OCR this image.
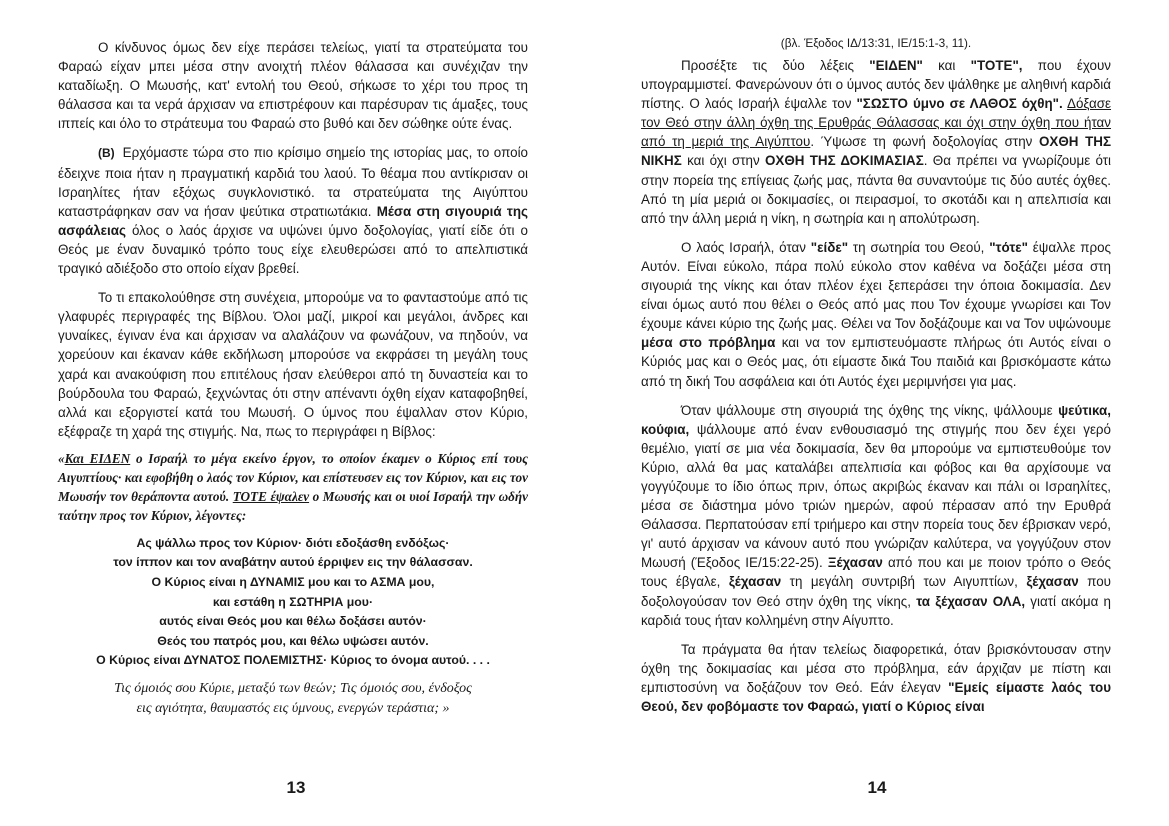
Ο κίνδυνος όμως δεν είχε περάσει τελείως, γιατί τα στρατεύματα του Φαραώ είχαν μπει μέσα στην ανοιχτή πλέον θάλασσα και συνέχιζαν την καταδίωξη. Ο Μωυσής, κατ' εντολή του Θεού, σήκωσε το χέρι του προς τη θάλασσα και τα νερά άρχισαν να επιστρέφουν και παρέσυραν τις άμαξες, τους ιππείς και όλο το στράτευμα του Φαραώ στο βυθό και δεν σώθηκε ούτε ένας.

(Β) Ερχόμαστε τώρα στο πιο κρίσιμο σημείο της ιστορίας μας, το οποίο έδειχνε ποια ήταν η πραγματική καρδιά του λαού. Το θέαμα που αντίκρισαν οι Ισραηλίτες ήταν εξόχως συγκλονιστικό. τα στρατεύματα της Αιγύπτου καταστράφηκαν σαν να ήσαν ψεύτικα στρατιωτάκια. Μέσα στη σιγουριά της ασφάλειας όλος ο λαός άρχισε να υψώνει ύμνο δοξολογίας, γιατί είδε ότι ο Θεός με έναν δυναμικό τρόπο τους είχε ελευθερώσει από το απελπιστικά τραγικό αδιέξοδο στο οποίο είχαν βρεθεί.

Το τι επακολούθησε στη συνέχεια, μπορούμε να το φανταστούμε από τις γλαφυρές περιγραφές της Βίβλου. Όλοι μαζί, μικροί και μεγάλοι, άνδρες και γυναίκες, έγιναν ένα και άρχισαν να αλαλάζουν να φωνάζουν, να πηδούν, να χορεύουν και έκαναν κάθε εκδήλωση μπορούσε να εκφράσει τη μεγάλη τους χαρά και ανακούφιση που επιτέλους ήσαν ελεύθεροι από τη δυναστεία και το βούρδουλα του Φαραώ, ξεχνώντας ότι στην απέναντι όχθη είχαν καταφοβηθεί, αλλά και εξοργιστεί κατά του Μωυσή. Ο ύμνος που έψαλλαν στον Κύριο, εξέφραζε τη χαρά της στιγμής. Να, πως το περιγράφει η Βίβλος:

«Και ΕΙΔΕΝ ο Ισραήλ το μέγα εκείνο έργον, το οποίον έκαμεν ο Κύριος επί τους Αιγυπτίους· και εφοβήθη ο λαός τον Κύριον, και επίστευσεν εις τον Κύριον, και εις τον Μωυσήν τον θεράποντα αυτού. ΤΟΤΕ έψαλεν ο Μωυσής και οι υιοί Ισραήλ την ωδήν ταύτην προς τον Κύριον, λέγοντες:
Ας ψάλλω προς τον Κύριον· διότι εδοξάσθη ενδόξως·
τον ίππον και τον αναβάτην αυτού έρριψεν εις την θάλασσαν.
Ο Κύριος είναι η ΔΥΝΑΜΙΣ μου και το ΑΣΜΑ μου,
και εστάθη η ΣΩΤΗΡΙΑ μου·
αυτός είναι Θεός μου και θέλω δοξάσει αυτόν·
Θεός του πατρός μου, και θέλω υψώσει αυτόν.
Ο Κύριος είναι ΔΥΝΑΤΟΣ ΠΟΛΕΜΙΣΤΗΣ· Κύριος το όνομα αυτού. . . .
Τις όμοιός σου Κύριε, μεταξύ των θεών; Τις όμοιός σου, ένδοξος
εις αγιότητα, θαυμαστός εις ύμνους, ενεργών τεράστια; »
13
(βλ. Έξοδος ΙΔ/13:31, ΙΕ/15:1-3, 11).

Προσέξτε τις δύο λέξεις "ΕΙΔΕΝ" και "ΤΟΤΕ", που έχουν υπογραμμιστεί. Φανερώνουν ότι ο ύμνος αυτός δεν ψάλθηκε με αληθινή καρδιά πίστης. Ο λαός Ισραήλ έψαλλε τον "ΣΩΣΤΟ ύμνο σε ΛΑΘΟΣ όχθη". Δόξασε τον Θεό στην άλλη όχθη της Ερυθράς Θάλασσας και όχι στην όχθη που ήταν από τη μεριά της Αιγύπτου. Ύψωσε τη φωνή δοξολογίας στην ΟΧΘΗ ΤΗΣ ΝΙΚΗΣ και όχι στην ΟΧΘΗ ΤΗΣ ΔΟΚΙΜΑΣΙΑΣ. Θα πρέπει να γνωρίζουμε ότι στην πορεία της επίγειας ζωής μας, πάντα θα συναντούμε τις δύο αυτές όχθες. Από τη μία μεριά οι δοκιμασίες, οι πειρασμοί, το σκοτάδι και η απελπισία και από την άλλη μεριά η νίκη, η σωτηρία και η απολύτρωση.

Ο λαός Ισραήλ, όταν "είδε" τη σωτηρία του Θεού, "τότε" έψαλλε προς Αυτόν. Είναι εύκολο, πάρα πολύ εύκολο στον καθένα να δοξάζει μέσα στη σιγουριά της νίκης και όταν πλέον έχει ξεπεράσει την όποια δοκιμασία. Δεν είναι όμως αυτό που θέλει ο Θεός από μας που Τον έχουμε γνωρίσει και Τον έχουμε κάνει κύριο της ζωής μας. Θέλει να Τον δοξάζουμε και να Τον υψώνουμε μέσα στο πρόβλημα και να τον εμπιστευόμαστε πλήρως ότι Αυτός είναι ο Κύριός μας και ο Θεός μας, ότι είμαστε δικά Του παιδιά και βρισκόμαστε κάτω από τη δική Του ασφάλεια και ότι Αυτός έχει μεριμνήσει για μας.

Όταν ψάλλουμε στη σιγουριά της όχθης της νίκης, ψάλλουμε ψεύτικα, κούφια, ψάλλουμε από έναν ενθουσιασμό της στιγμής που δεν έχει γερό θεμέλιο, γιατί σε μια νέα δοκιμασία, δεν θα μπορούμε να εμπιστευθούμε τον Κύριο, αλλά θα μας καταλάβει απελπισία και φόβος και θα αρχίσουμε να γογγύζουμε το ίδιο όπως πριν, όπως ακριβώς έκαναν και πάλι οι Ισραηλίτες, μέσα σε διάστημα μόνο τριών ημερών, αφού πέρασαν από την Ερυθρά Θάλασσα. Περπατούσαν επί τριήμερο και στην πορεία τους δεν έβρισκαν νερό, γι' αυτό άρχισαν να κάνουν αυτό που γνώριζαν καλύτερα, να γογγύζουν στον Μωυσή (Έξοδος ΙΕ/15:22-25). Ξέχασαν από που και με ποιον τρόπο ο Θεός τους έβγαλε, ξέχασαν τη μεγάλη συντριβή των Αιγυπτίων, ξέχασαν που δοξολογούσαν τον Θεό στην όχθη της νίκης, τα ξέχασαν ΟΛΑ, γιατί ακόμα η καρδιά τους ήταν κολλημένη στην Αίγυπτο.

Τα πράγματα θα ήταν τελείως διαφορετικά, όταν βρισκόντουσαν στην όχθη της δοκιμασίας και μέσα στο πρόβλημα, εάν άρχιζαν με πίστη και εμπιστοσύνη να δοξάζουν τον Θεό. Εάν έλεγαν "Εμείς είμαστε λαός του Θεού, δεν φοβόμαστε τον Φαραώ, γιατί ο Κύριος είναι

14
